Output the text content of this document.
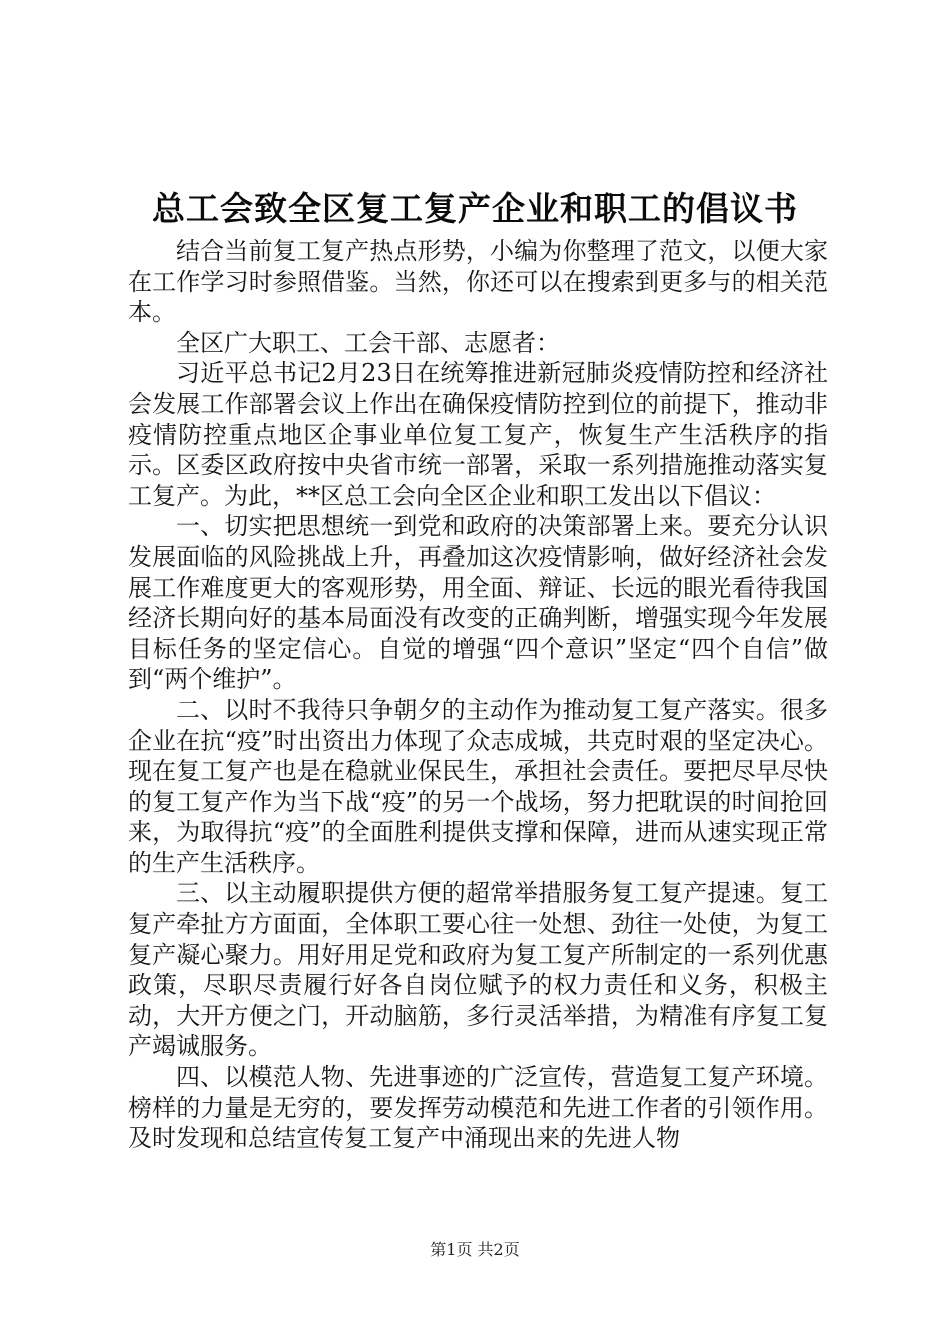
总工会致全区复工复产企业和职工的倡议书

结合当前复工复产热点形势，小编为你整理了范文，以便大家在工作学习时参照借鉴。当然，你还可以在搜索到更多与的相关范本。

全区广大职工、工会干部、志愿者：

习近平总书记2月23日在统筹推进新冠肺炎疫情防控和经济社会发展工作部署会议上作出在确保疫情防控到位的前提下，推动非疫情防控重点地区企事业单位复工复产，恢复生产生活秩序的指示。区委区政府按中央省市统一部署，采取一系列措施推动落实复工复产。为此，**区总工会向全区企业和职工发出以下倡议：

一、切实把思想统一到党和政府的决策部署上来。要充分认识发展面临的风险挑战上升，再叠加这次疫情影响，做好经济社会发展工作难度更大的客观形势，用全面、辩证、长远的眼光看待我国经济长期向好的基本局面没有改变的正确判断，增强实现今年发展目标任务的坚定信心。自觉的增强“四个意识”坚定“四个自信”做到“两个维护”。

二、以时不我待只争朝夕的主动作为推动复工复产落实。很多企业在抗“疫”时出资出力体现了众志成城，共克时艰的坚定决心。现在复工复产也是在稳就业保民生，承担社会责任。要把尽早尽快的复工复产作为当下战“疫”的另一个战场，努力把耽误的时间抢回来，为取得抗“疫”的全面胜利提供支撑和保障，进而从速实现正常的生产生活秩序。

三、以主动履职提供方便的超常举措服务复工复产提速。复工复产牵扯方方面面，全体职工要心往一处想、劲往一处使，为复工复产凝心聚力。用好用足党和政府为复工复产所制定的一系列优惠政策，尽职尽责履行好各自岗位赋予的权力责任和义务，积极主动，大开方便之门，开动脑筋，多行灵活举措，为精准有序复工复产竭诚服务。

四、以模范人物、先进事迹的广泛宣传，营造复工复产环境。榜样的力量是无穷的，要发挥劳动模范和先进工作者的引领作用。及时发现和总结宣传复工复产中涌现出来的先进人物

第1页 共2页
